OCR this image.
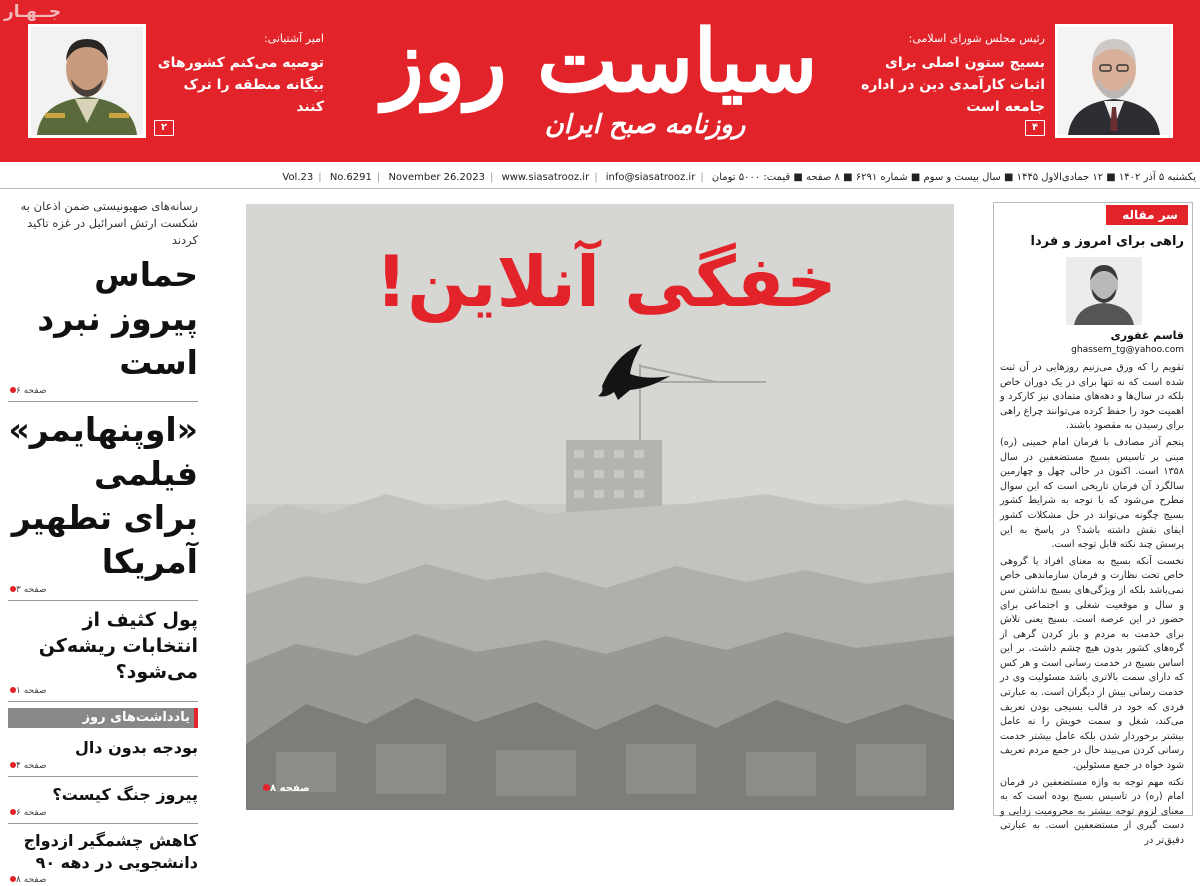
جــهـار
رئیس مجلس شورای اسلامی:
بسیج ستون اصلی برای اثبات کارآمدی دین در اداره جامعه است
۴
سیاست روز
روزنامه صبح ایران
امیر آشتیانی:
توصیه می‌کنم کشورهای بیگانه منطقه را ترک کنند
۲
Vol.23 | No.6291 | November 26.2023 | www.siasatrooz.ir | info@siasatrooz.ir | یکشنبه ۵ آذر ۱۴۰۲ ■ ۱۲ جمادی‌الاول ۱۴۴۵ ■ سال بیست و سوم ■ شماره ۶۲۹۱ ■ ۸ صفحه ■ قیمت: ۵۰۰۰ تومان
رسانه‌های صهیونیستی ضمن اذعان به شکست ارتش اسرائیل در غزه تاکید کردند
حماس پیروز نبرد است
صفحه ۶
«اوپنهایمر» فیلمی برای تطهیر آمریکا
صفحه ۳
پول کثیف از انتخابات ریشه‌کن می‌شود؟
صفحه ۱
یادداشت‌های روز
بودجه بدون دال
صفحه ۴
پیروز جنگ کیست؟
صفحه ۶
کاهش چشمگیر ازدواج دانشجویی در دهه ۹۰
صفحه ۸
خفگی آنلاین!
صفحه ۸
سر مقاله
راهی برای امروز و فردا
قاسم غفوری
ghassem_tg@yahoo.com

تقویم را که ورق می‌زنیم روزهایی در آن ثبت شده است که نه تنها برای در یک دوران خاص بلکه در سال‌ها و دهه‌های متمادی نیز کارکرد و اهمیت خود را حفظ کرده می‌توانند چراغ راهی برای رسیدن به مقصود باشند.

پنجم آذر مصادف با فرمان امام خمینی (ره) مبنی بر تاسیس بسیج مستضعفین در سال ۱۳۵۸ است. اکنون در حالی چهل و چهارمین سالگرد آن فرمان تاریخی است که این سوال مطرح می‌شود که با توجه به شرایط کشور بسیج چگونه می‌تواند در حل مشکلات کشور ایفای نقش داشته باشد؟ در پاسخ به این پرسش چند نکته قابل توجه است.

نخست آنکه بسیج به معنای افراد یا گروهی خاص تحت نظارت و فرمان سازماندهی خاص نمی‌باشد بلکه از ویژگی‌های بسیج نداشتن سن و سال و موقعیت شغلی و اجتماعی برای حضور در این عرصه است. بسیج یعنی تلاش برای خدمت به مردم و باز کردن گرهی از گره‌های کشور بدون هیچ چشم داشت. بر این اساس بسیج در خدمت رسانی است و هر کس که دارای سمت بالاتری باشد مسئولیت وی در خدمت رسانی بیش از دیگران است. به عبارتی فردی که خود در قالب بسیجی بودن تعریف می‌کند، شغل و سمت خویش را نه عامل بیشتر برخوردار شدن بلکه عامل بیشتر خدمت رسانی کردن می‌بیند حال در جمع مردم تعریف شود خواه در جمع مسئولین.

نکته مهم توجه به واژه مستضعفین در فرمان امام (ره) در تاسیس بسیج بوده است که به معنای لزوم توجه بیشتر به محرومیت زدایی و دست گیری از مستضعفین است. به عبارتی دقیق‌تر در
